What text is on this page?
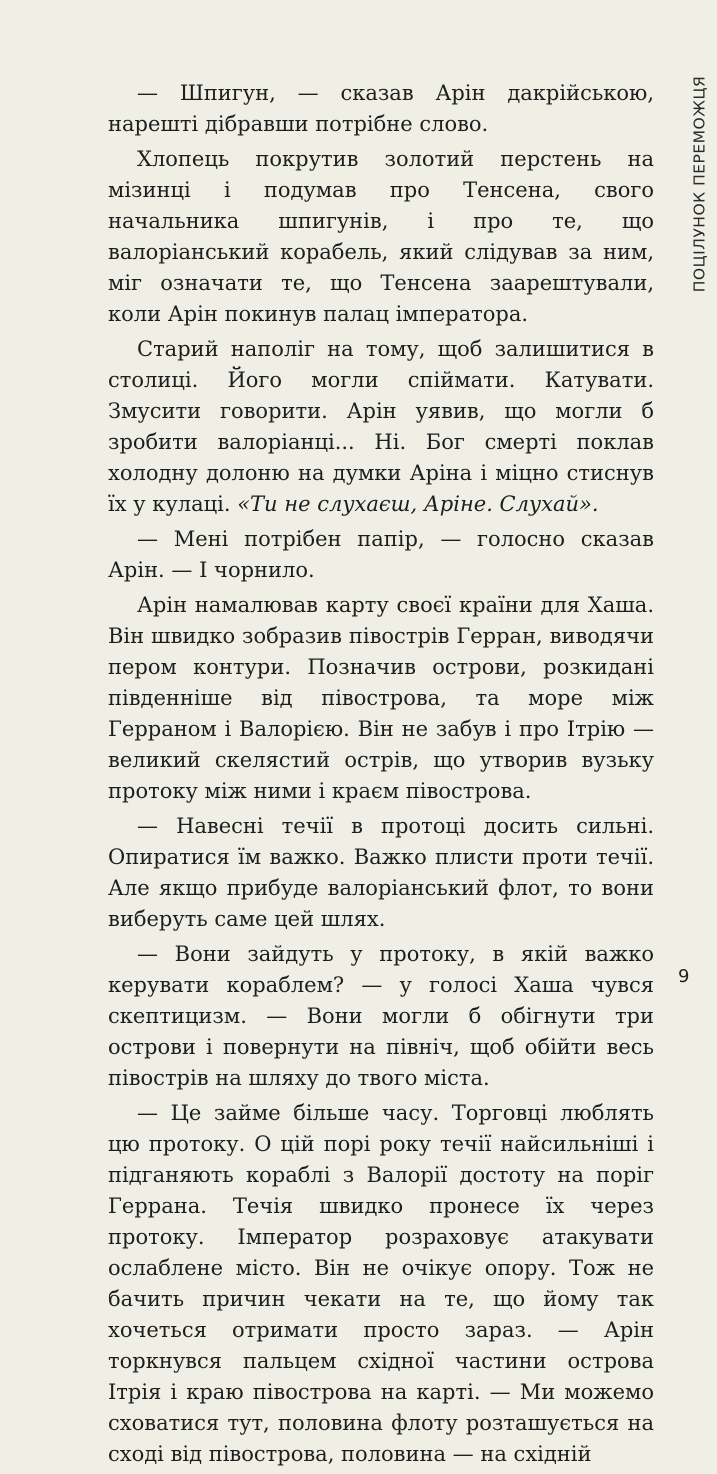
— Шпигун, — сказав Арін дакрійською, нарешті дібравши потрібне слово.

Хлопець покрутив золотий перстень на мізинці і подумав про Тенсена, свого начальника шпигунів, і про те, що валоріанський корабель, який слідував за ним, міг означати те, що Тенсена заарештували, коли Арін покинув палац імператора.

Старий наполіг на тому, щоб залишитися в столиці. Його могли спіймати. Катувати. Змусити говорити. Арін уявив, що могли б зробити валоріанці... Ні. Бог смерті поклав холодну долоню на думки Аріна і міцно стиснув їх у кулаці. «Ти не слухаєш, Аріне. Слухай».

— Мені потрібен папір, — голосно сказав Арін. — І чорнило.

Арін намалював карту своєї країни для Хаша. Він швидко зобразив півострів Герран, виводячи пером контури. Позначив острови, розкидані південніше від півострова, та море між Герраном і Валорією. Він не забув і про Ітрію — великий скелястий острів, що утворив вузьку протоку між ними і краєм півострова.

— Навесні течії в протоці досить сильні. Опиратися їм важко. Важко плисти проти течії. Але якщо прибуде валоріанський флот, то вони виберуть саме цей шлях.

— Вони зайдуть у протоку, в якій важко керувати кораблем? — у голосі Хаша чувся скептицизм. — Вони могли б обігнути три острови і повернути на північ, щоб обійти весь півострів на шляху до твого міста.

— Це займе більше часу. Торговці люблять цю протоку. О цій порі року течії найсильніші і підганяють кораблі з Валорії достоту на поріг Геррана. Течія швидко пронесе їх через протоку. Імператор розраховує атакувати ослаблене місто. Він не очікує опору. Тож не бачить причин чекати на те, що йому так хочеться отримати просто зараз. — Арін торкнувся пальцем східної частини острова Ітрія і краю півострова на карті. — Ми можемо сховатися тут, половина флоту розташується на сході від півострова, половина — на східній

ПОЦІЛУНОК ПЕРЕМОЖЦЯ
9
